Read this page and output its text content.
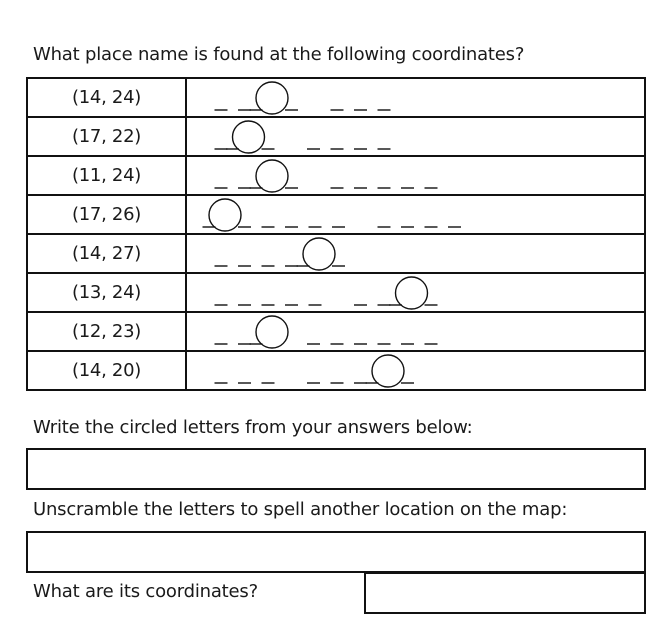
What place name is found at the following coordinates?
(14, 24)	

(17, 22)	

(11, 24)	

(17, 26)	

(14, 27)	

(13, 24)	

(12, 23)	

(14, 20)	
Write the circled letters from your answers below:
Unscramble the letters to spell another location on the map:
What are its coordinates?
